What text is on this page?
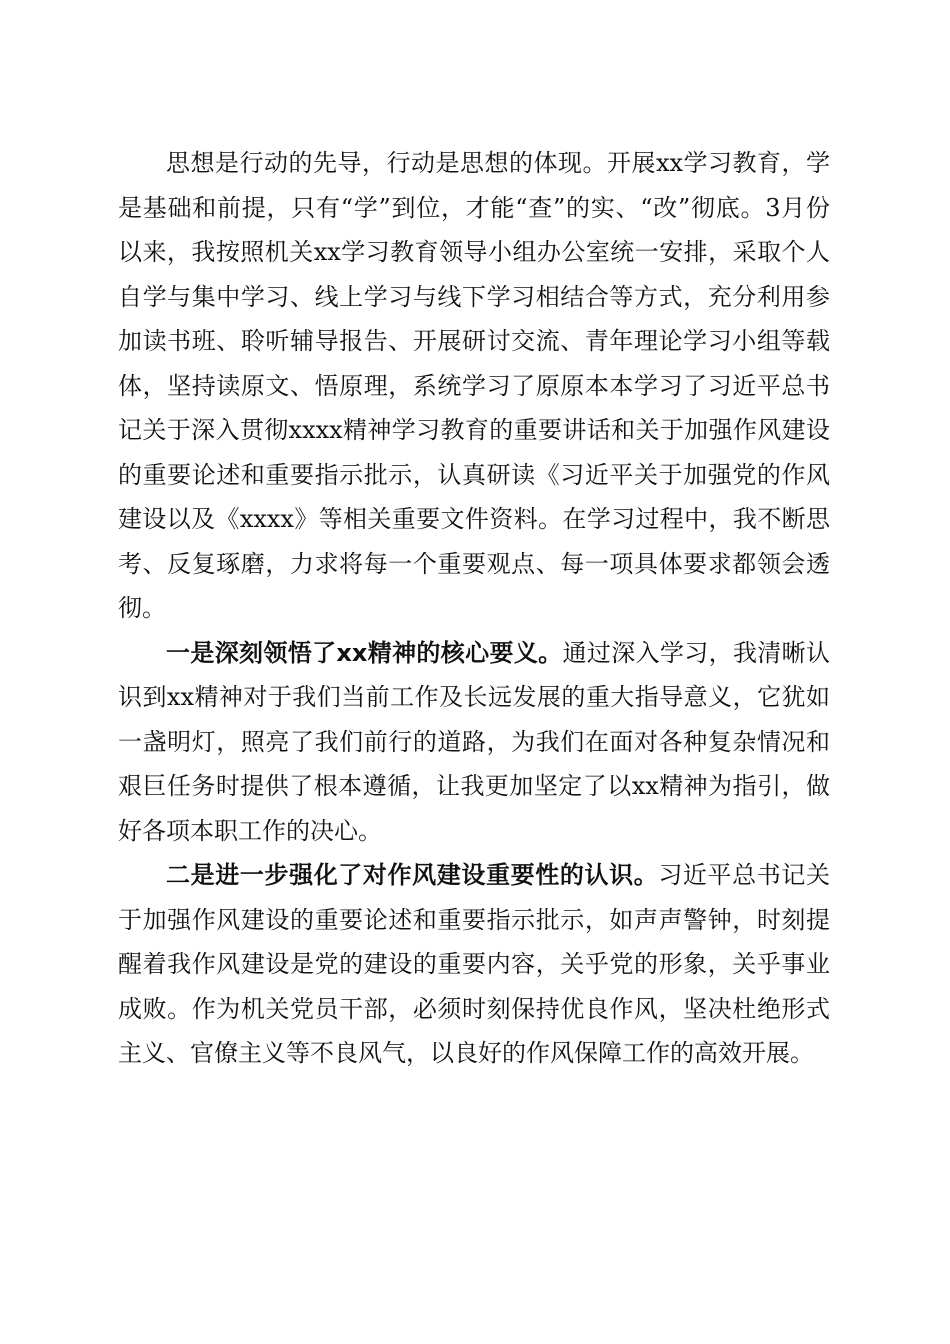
思想是行动的先导，行动是思想的体现。开展xx学习教育，学是基础和前提，只有“学”到位，才能“查”的实、“改”彻底。3月份以来，我按照机关xx学习教育领导小组办公室统一安排，采取个人自学与集中学习、线上学习与线下学习相结合等方式，充分利用参加读书班、聆听辅导报告、开展研讨交流、青年理论学习小组等载体，坚持读原文、悟原理，系统学习了原原本本学习了习近平总书记关于深入贯彻xxxx精神学习教育的重要讲话和关于加强作风建设的重要论述和重要指示批示，认真研读《习近平关于加强党的作风建设以及《xxxx》等相关重要文件资料。在学习过程中，我不断思考、反复琢磨，力求将每一个重要观点、每一项具体要求都领会透彻。

一是深刻领悟了xx精神的核心要义。通过深入学习，我清晰认识到xx精神对于我们当前工作及长远发展的重大指导意义，它犹如一盏明灯，照亮了我们前行的道路，为我们在面对各种复杂情况和艰巨任务时提供了根本遵循，让我更加坚定了以xx精神为指引，做好各项本职工作的决心。

二是进一步强化了对作风建设重要性的认识。习近平总书记关于加强作风建设的重要论述和重要指示批示，如声声警钟，时刻提醒着我作风建设是党的建设的重要内容，关乎党的形象，关乎事业成败。作为机关党员干部，必须时刻保持优良作风，坚决杜绝形式主义、官僚主义等不良风气，以良好的作风保障工作的高效开展。
